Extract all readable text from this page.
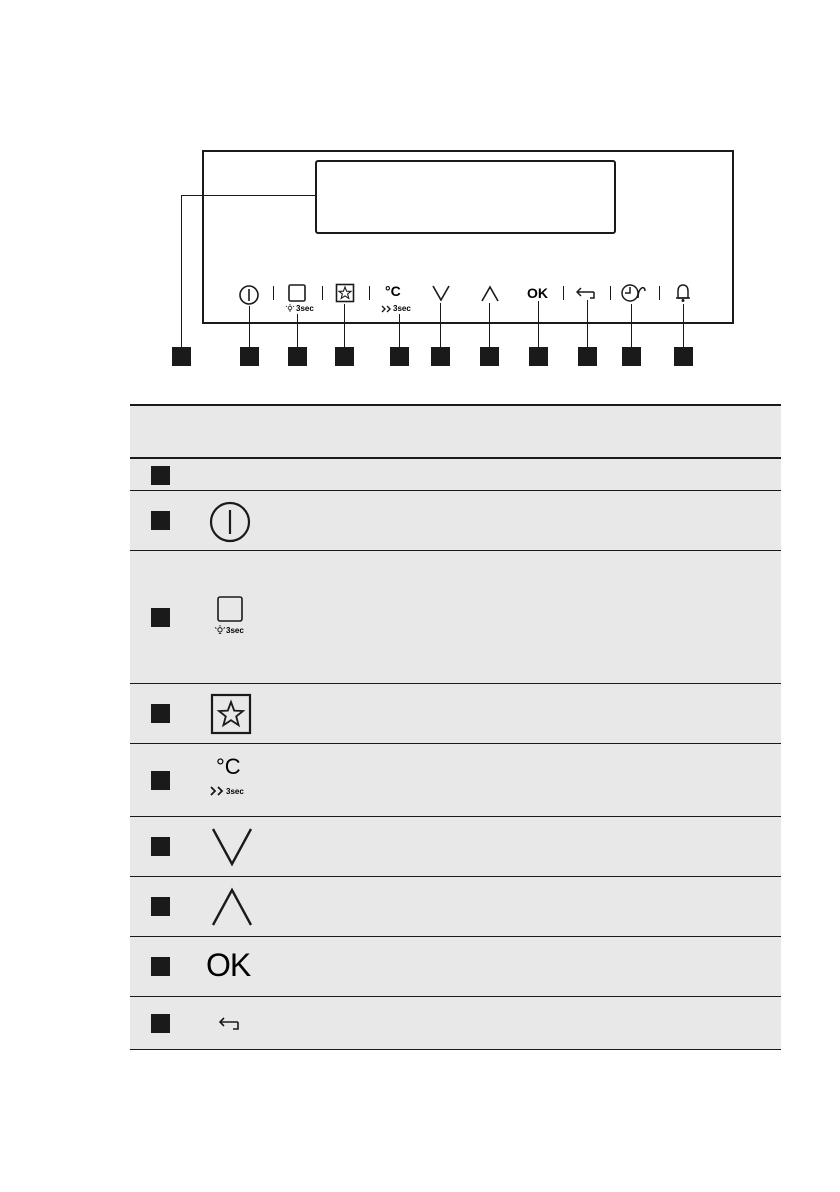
3sec
°C
3sec
OK
3sec
°C
3sec
OK
